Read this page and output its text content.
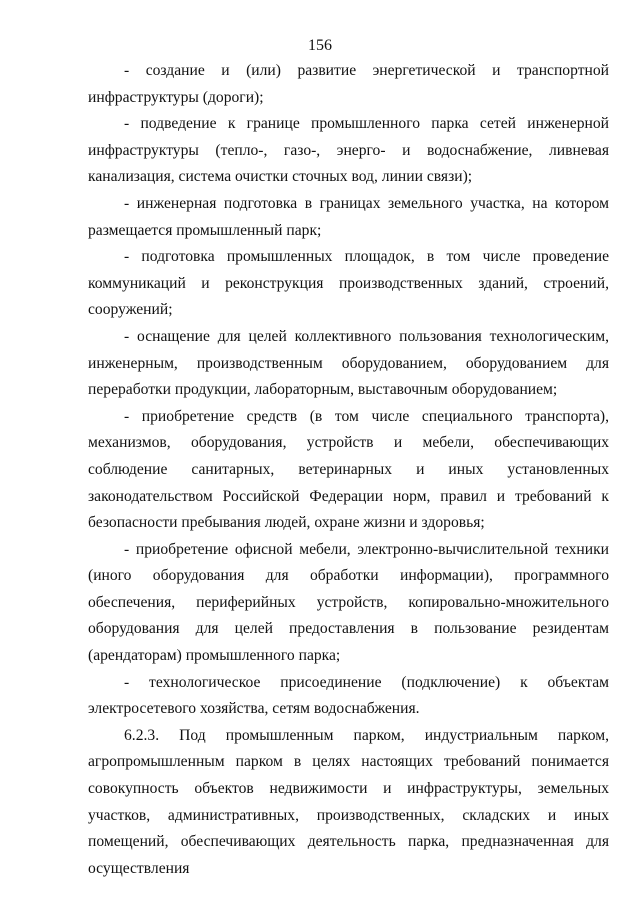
156

- создание и (или) развитие энергетической и транспортной инфраструктуры (дороги);

- подведение к границе промышленного парка сетей инженерной инфраструктуры (тепло-, газо-, энерго- и водоснабжение, ливневая канализация, система очистки сточных вод, линии связи);

- инженерная подготовка в границах земельного участка, на котором размещается промышленный парк;

- подготовка промышленных площадок, в том числе проведение коммуникаций и реконструкция производственных зданий, строений, сооружений;

- оснащение для целей коллективного пользования технологическим, инженерным, производственным оборудованием, оборудованием для переработки продукции, лабораторным, выставочным оборудованием;

- приобретение средств (в том числе специального транспорта), механизмов, оборудования, устройств и мебели, обеспечивающих соблюдение санитарных, ветеринарных и иных установленных законодательством Российской Федерации норм, правил и требований к безопасности пребывания людей, охране жизни и здоровья;

- приобретение офисной мебели, электронно-вычислительной техники (иного оборудования для обработки информации), программного обеспечения, периферийных устройств, копировально-множительного оборудования для целей предоставления в пользование резидентам (арендаторам) промышленного парка;

- технологическое присоединение (подключение) к объектам электросетевого хозяйства, сетям водоснабжения.

6.2.3. Под промышленным парком, индустриальным парком, агропромышленным парком в целях настоящих требований понимается совокупность объектов недвижимости и инфраструктуры, земельных участков, административных, производственных, складских и иных помещений, обеспечивающих деятельность парка, предназначенная для осуществления
